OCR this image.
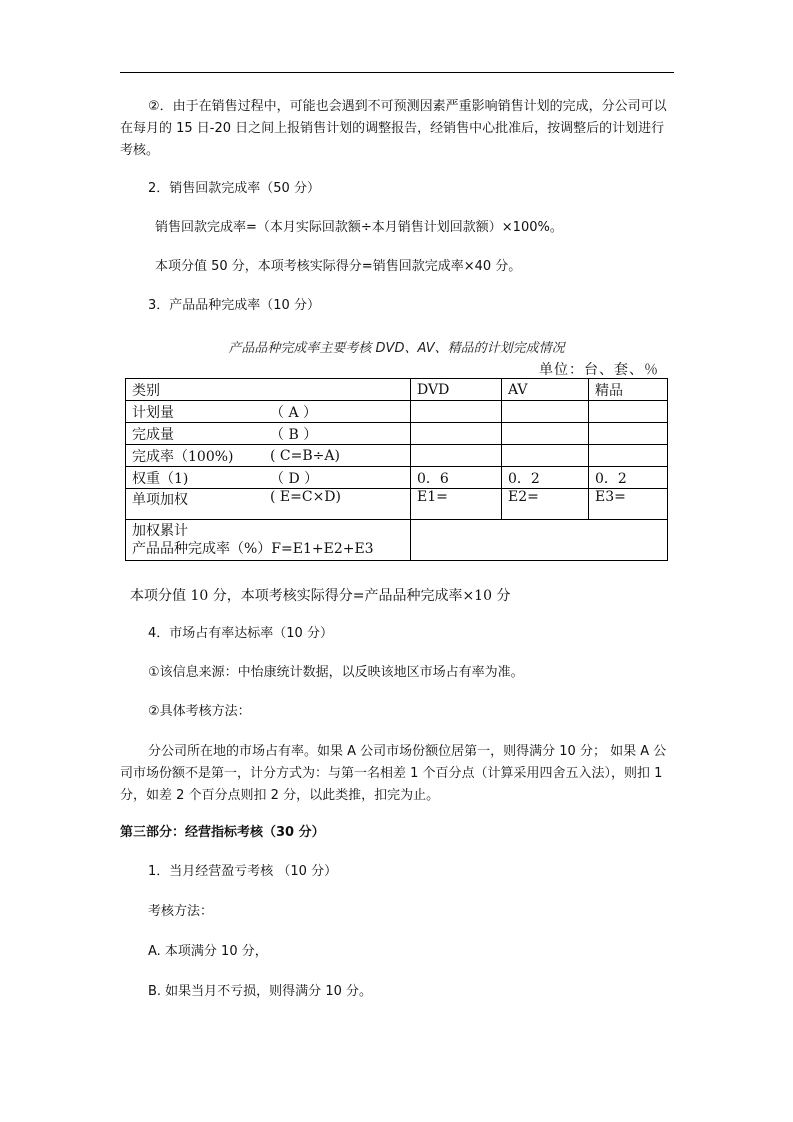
②．由于在销售过程中，可能也会遇到不可预测因素严重影响销售计划的完成，分公司可以在每月的 15 日-20 日之间上报销售计划的调整报告，经销售中心批准后，按调整后的计划进行考核。

2．销售回款完成率（50 分）

销售回款完成率=（本月实际回款额÷本月销售计划回款额）×100%。

本项分值 50 分，本项考核实际得分=销售回款完成率×40 分。

3．产品品种完成率（10 分）

产品品种完成率主要考核 DVD、AV、精品的计划完成情况
单位：台、套、％
类别		DVD	AV	精品
计划量	（ A ）			
完成量	（ B ）			
完成率（100%)	( C=B÷A)			
权重（1)	（ D ）	0．6	0．2	0．2
单项加权	( E=C×D)	E1=	E2=	E3=

加权累计
产品品种完成率（%）F=E1+E2+E3				

本项分值 10 分，本项考核实际得分=产品品种完成率×10 分

4．市场占有率达标率（10 分）

①该信息来源：中怡康统计数据，以反映该地区市场占有率为准。

②具体考核方法：

分公司所在地的市场占有率。如果 A 公司市场份额位居第一，则得满分 10 分； 如果 A 公司市场份额不是第一，计分方式为：与第一名相差 1 个百分点（计算采用四舍五入法），则扣 1 分，如差 2 个百分点则扣 2 分，以此类推，扣完为止。

第三部分：经营指标考核（30 分）

1．当月经营盈亏考核 （10 分）

考核方法：

A. 本项满分 10 分，

B. 如果当月不亏损，则得满分 10 分。
